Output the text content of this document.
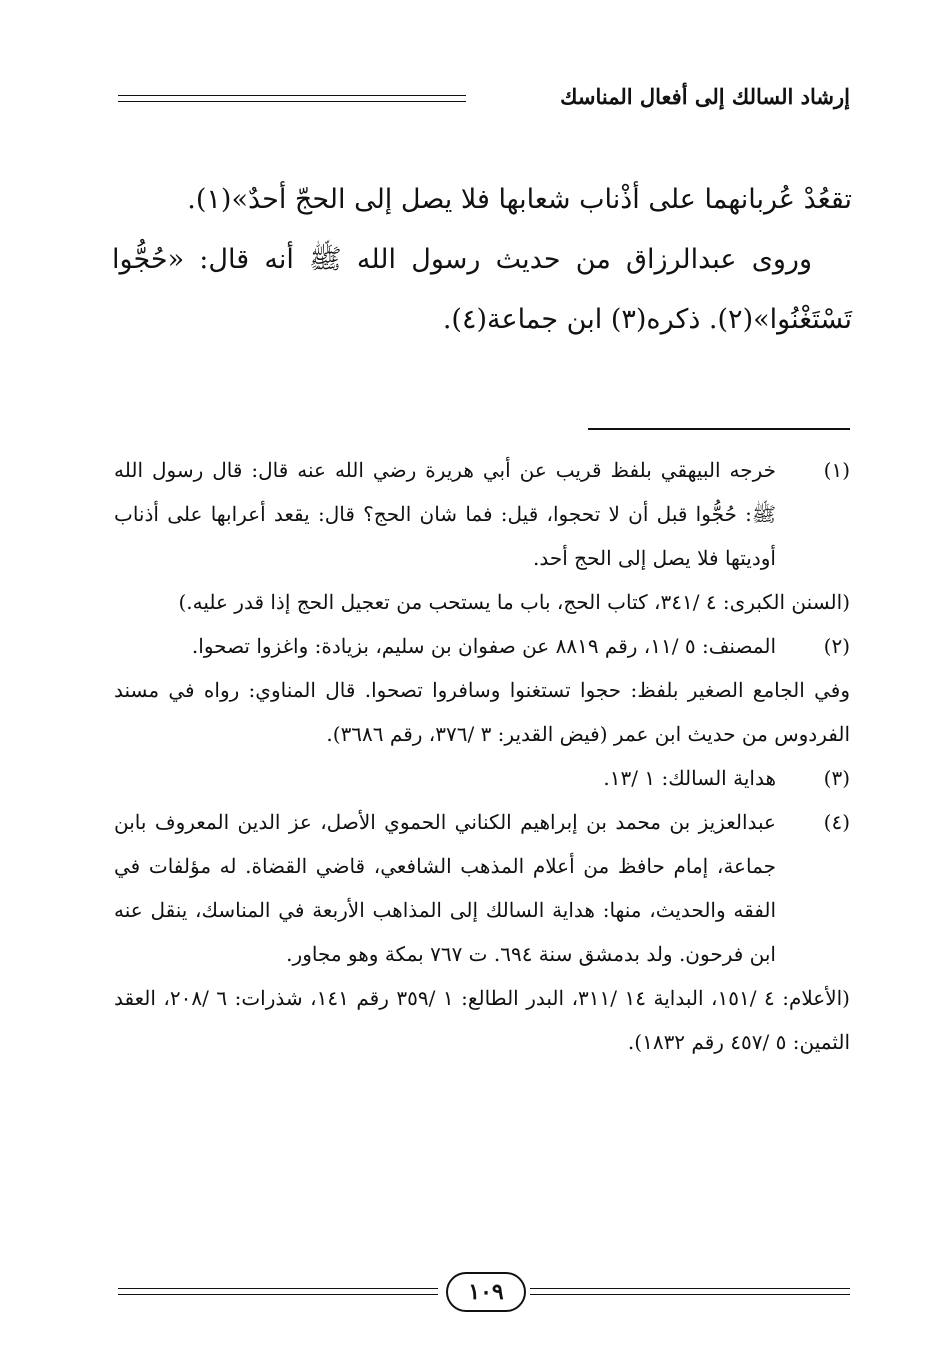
إرشاد السالك إلى أفعال المناسك

تقعُدْ عُربانهما على أذْناب شعابها فلا يصل إلى الحجّ أحدٌ»(١).

وروى عبدالرزاق من حديث رسول الله ﷺ أنه قال: «حُجُّوا تَسْتَغْنُوا»(٢). ذكره(٣) ابن جماعة(٤).

(١)
خرجه البيهقي بلفظ قريب عن أبي هريرة رضي الله عنه قال: قال رسول الله ﷺ: حُجُّوا قبل أن لا تحجوا، قيل: فما شان الحج؟ قال: يقعد أعرابها على أذناب أوديتها فلا يصل إلى الحج أحد.
(السنن الكبرى: ٤ /٣٤١، كتاب الحج، باب ما يستحب من تعجيل الحج إذا قدر عليه.)
(٢)
المصنف: ٥ /١١، رقم ٨٨١٩ عن صفوان بن سليم، بزيادة: واغزوا تصحوا.
وفي الجامع الصغير بلفظ: حجوا تستغنوا وسافروا تصحوا. قال المناوي: رواه في مسند الفردوس من حديث ابن عمر (فيض القدير: ٣ /٣٧٦، رقم ٣٦٨٦).
(٣)
هداية السالك: ١ /١٣.
(٤)
عبدالعزيز بن محمد بن إبراهيم الكناني الحموي الأصل، عز الدين المعروف بابن جماعة، إمام حافظ من أعلام المذهب الشافعي، قاضي القضاة. له مؤلفات في الفقه والحديث، منها: هداية السالك إلى المذاهب الأربعة في المناسك، ينقل عنه ابن فرحون. ولد بدمشق سنة ٦٩٤. ت ٧٦٧ بمكة وهو مجاور.
(الأعلام: ٤ /١٥١، البداية ١٤ /٣١١، البدر الطالع: ١ /٣٥٩ رقم ١٤١، شذرات: ٦ /٢٠٨، العقد الثمين: ٥ /٤٥٧ رقم ١٨٣٢).
١٠٩
